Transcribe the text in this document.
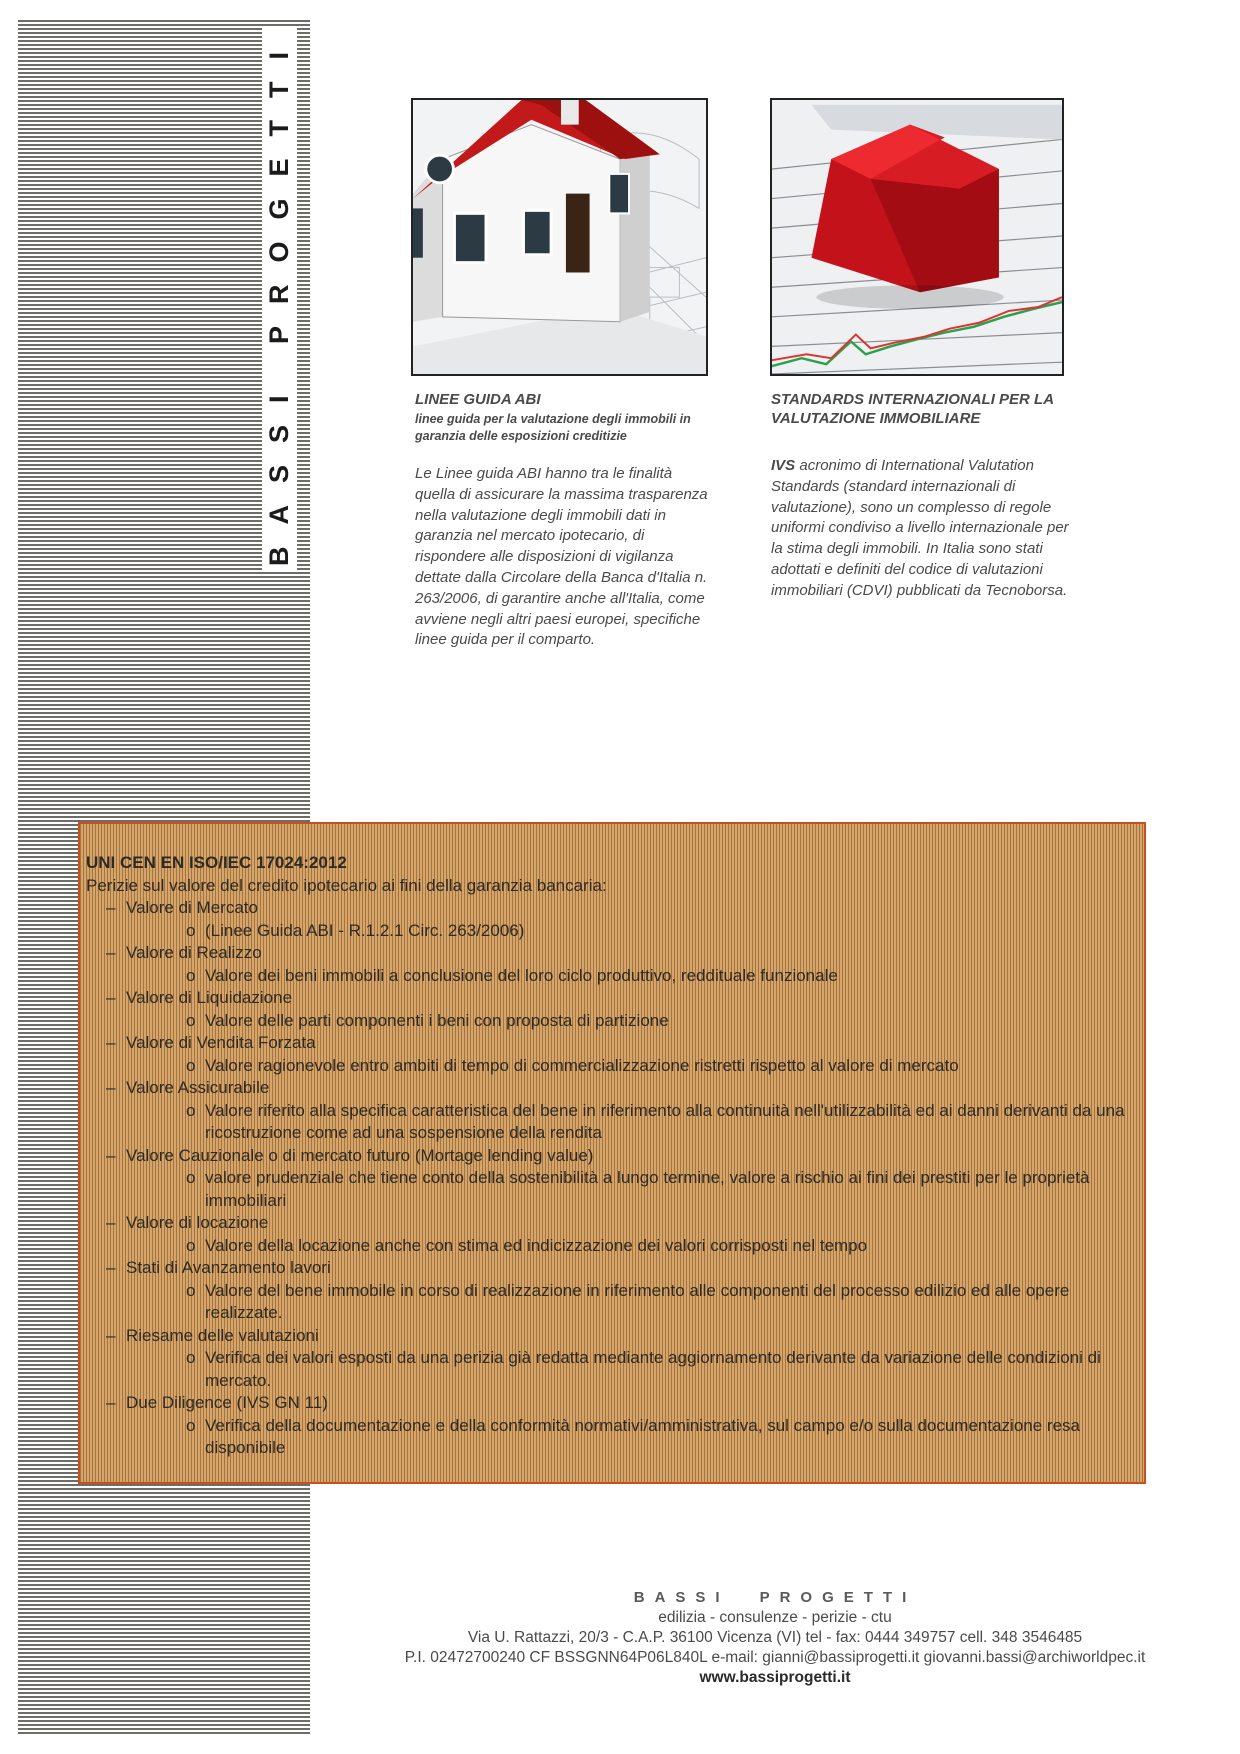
BASSI PROGETTI	LINEE GUIDA ABI

linee guida per la valutazione degli immobili in garanzia delle esposizioni creditizie

Le Linee guida ABI hanno tra le finalità quella di assicurare la massima trasparenza nella valutazione degli immobili dati in garanzia nel mercato ipotecario, di rispondere alle disposizioni di vigilanza dettate dalla Circolare della Banca d'Italia n. 263/2006, di garantire anche all'Italia, come avviene negli altri paesi europei, specifiche linee guida per il comparto.

STANDARDS INTERNAZIONALI PER LA VALUTAZIONE IMMOBILIARE

IVS acronimo di International Valutation Standards (standard internazionali di valutazione), sono un complesso di regole uniformi condiviso a livello internazionale per la stima degli immobili. In Italia sono stati adottati e definiti del codice di valutazioni immobiliari (CDVI) pubblicati da Tecnoborsa.

UNI CEN EN ISO/IEC 17024:2012
Perizie sul valore del credito ipotecario ai fini della garanzia bancaria:
– Valore di Mercato
o (Linee Guida ABI - R.1.2.1 Circ. 263/2006)
– Valore di Realizzo
o Valore dei beni immobili a conclusione del loro ciclo produttivo, reddituale funzionale
– Valore di Liquidazione
o Valore delle parti componenti i beni con proposta di partizione
– Valore di Vendita Forzata
o Valore ragionevole entro ambiti di tempo di commercializzazione ristretti rispetto al valore di mercato
– Valore Assicurabile
o Valore riferito alla specifica caratteristica del bene in riferimento alla continuità nell'utilizzabilità ed ai danni derivanti da una ricostruzione come ad una sospensione della rendita
– Valore Cauzionale o di mercato futuro (Mortage lending value)
o valore prudenziale che tiene conto della sostenibilità a lungo termine, valore a rischio ai fini dei prestiti per le proprietà immobiliari
– Valore di locazione
o Valore della locazione anche con stima ed indicizzazione dei valori corrisposti nel tempo
– Stati di Avanzamento lavori
o Valore del bene immobile in corso di realizzazione in riferimento alle componenti del processo edilizio ed alle opere realizzate.
– Riesame delle valutazioni
o Verifica dei valori esposti da una perizia già redatta mediante aggiornamento derivante da variazione delle condizioni di mercato.
– Due Diligence (IVS GN 11)
o Verifica della documentazione e della conformità normativi/amministrativa, sul campo e/o sulla documentazione resa disponibile
BASSI PROGETTI
edilizia - consulenze - perizie - ctu
Via U. Rattazzi, 20/3 - C.A.P. 36100 Vicenza (VI) tel - fax: 0444 349757 cell. 348 3546485
P.I. 02472700240 CF BSSGNN64P06L840L e-mail: gianni@bassiprogetti.it giovanni.bassi@archiworldpec.it
www.bassiprogetti.it
